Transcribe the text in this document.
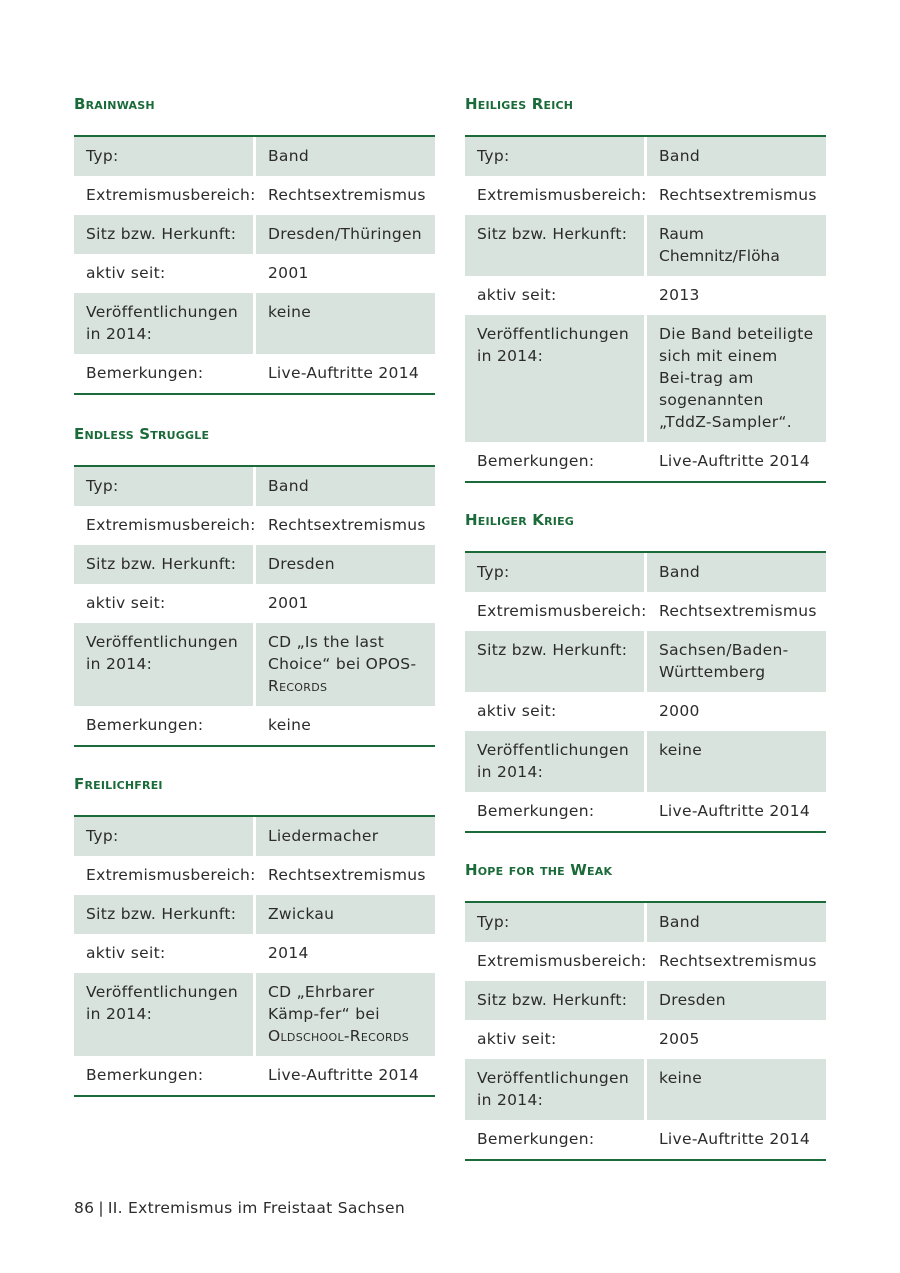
Brainwash
Typ:	Band
Extremismusbereich: Rechtsextremismus
Sitz bzw. Herkunft:	Dresden/Thüringen
aktiv seit:	2001
Veröffentlichungen in 2014:
keine
Bemerkungen:	Live-Auftritte 2014
Endless Struggle
Typ:	Band
Extremismusbereich: Rechtsextremismus
Sitz bzw. Herkunft:	Dresden
aktiv seit:	2001
Veröffentlichungen in 2014:
CD „Is the last Choice“ bei OPOS-Records
Bemerkungen:	keine
Freilichfrei
Typ:	Liedermacher
Extremismusbereich: Rechtsextremismus
Sitz bzw. Herkunft:	Zwickau
aktiv seit:	2014
Veröffentlichungen in 2014:
CD „Ehrbarer Kämp-fer“ bei Oldschool-Records
Bemerkungen:	Live-Auftritte 2014
Heiliges Reich
Typ:	Band
Extremismusbereich: Rechtsextremismus
Sitz bzw. Herkunft:	Raum Chemnitz/Flöha
aktiv seit:	2013
Veröffentlichungen in 2014:
Die Band beteiligte sich mit einem Bei-trag am sogenannten „TddZ-Sampler“.
Bemerkungen:	Live-Auftritte 2014
Heiliger Krieg
Typ:	Band
Extremismusbereich: Rechtsextremismus
Sitz bzw. Herkunft:	Sachsen/Baden-Württemberg
aktiv seit:	2000
Veröffentlichungen in 2014:
keine
Bemerkungen:	Live-Auftritte 2014
Hope for the Weak
Typ:	Band
Extremismusbereich: Rechtsextremismus
Sitz bzw. Herkunft:	Dresden
aktiv seit:	2005
Veröffentlichungen in 2014:
keine
Bemerkungen:	Live-Auftritte 2014
86 | II. Extremismus im Freistaat Sachsen
